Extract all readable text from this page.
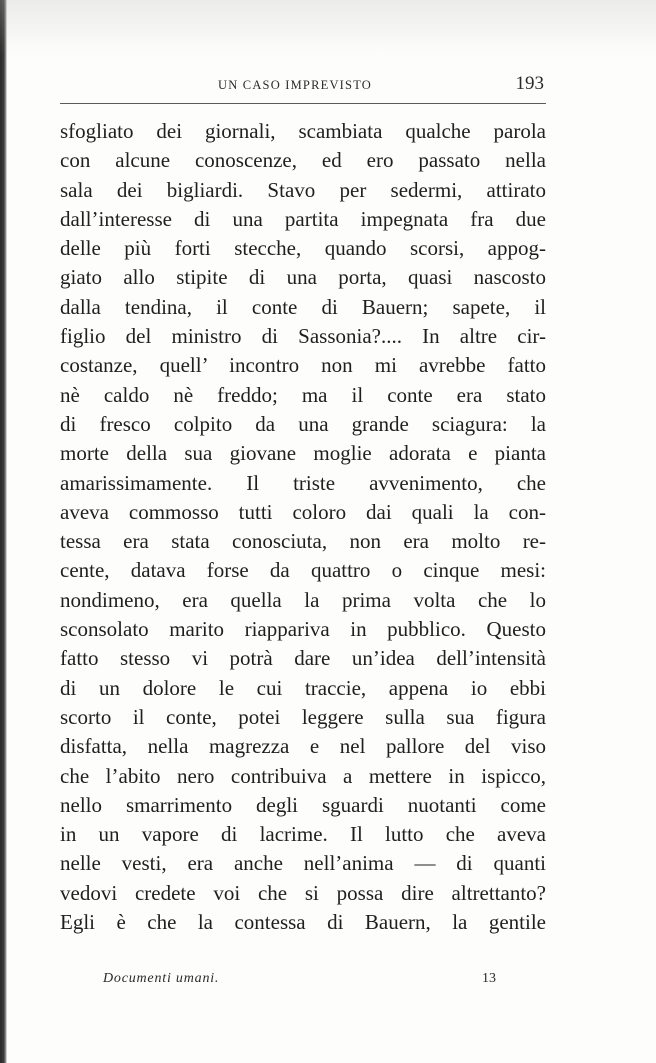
UN CASO IMPREVISTO	193
sfogliato dei giornali, scambiata qualche parola
con alcune conoscenze, ed ero passato nella
sala dei bigliardi. Stavo per sedermi, attirato
dall’interesse di una partita impegnata fra due
delle più forti stecche, quando scorsi, appog-
giato allo stipite di una porta, quasi nascosto
dalla tendina, il conte di Bauern; sapete, il
figlio del ministro di Sassonia?.... In altre cir-
costanze, quell’ incontro non mi avrebbe fatto
nè caldo nè freddo; ma il conte era stato
di fresco colpito da una grande sciagura: la
morte della sua giovane moglie adorata e pianta
amarissimamente. Il triste avvenimento, che
aveva commosso tutti coloro dai quali la con-
tessa era stata conosciuta, non era molto re-
cente, datava forse da quattro o cinque mesi:
nondimeno, era quella la prima volta che lo
sconsolato marito riappariva in pubblico. Questo
fatto stesso vi potrà dare un’idea dell’intensità
di un dolore le cui traccie, appena io ebbi
scorto il conte, potei leggere sulla sua figura
disfatta, nella magrezza e nel pallore del viso
che l’abito nero contribuiva a mettere in ispicco,
nello smarrimento degli sguardi nuotanti come
in un vapore di lacrime. Il lutto che aveva
nelle vesti, era anche nell’anima — di quanti
vedovi credete voi che si possa dire altrettanto?
Egli è che la contessa di Bauern, la gentile
Documenti umani.	13
